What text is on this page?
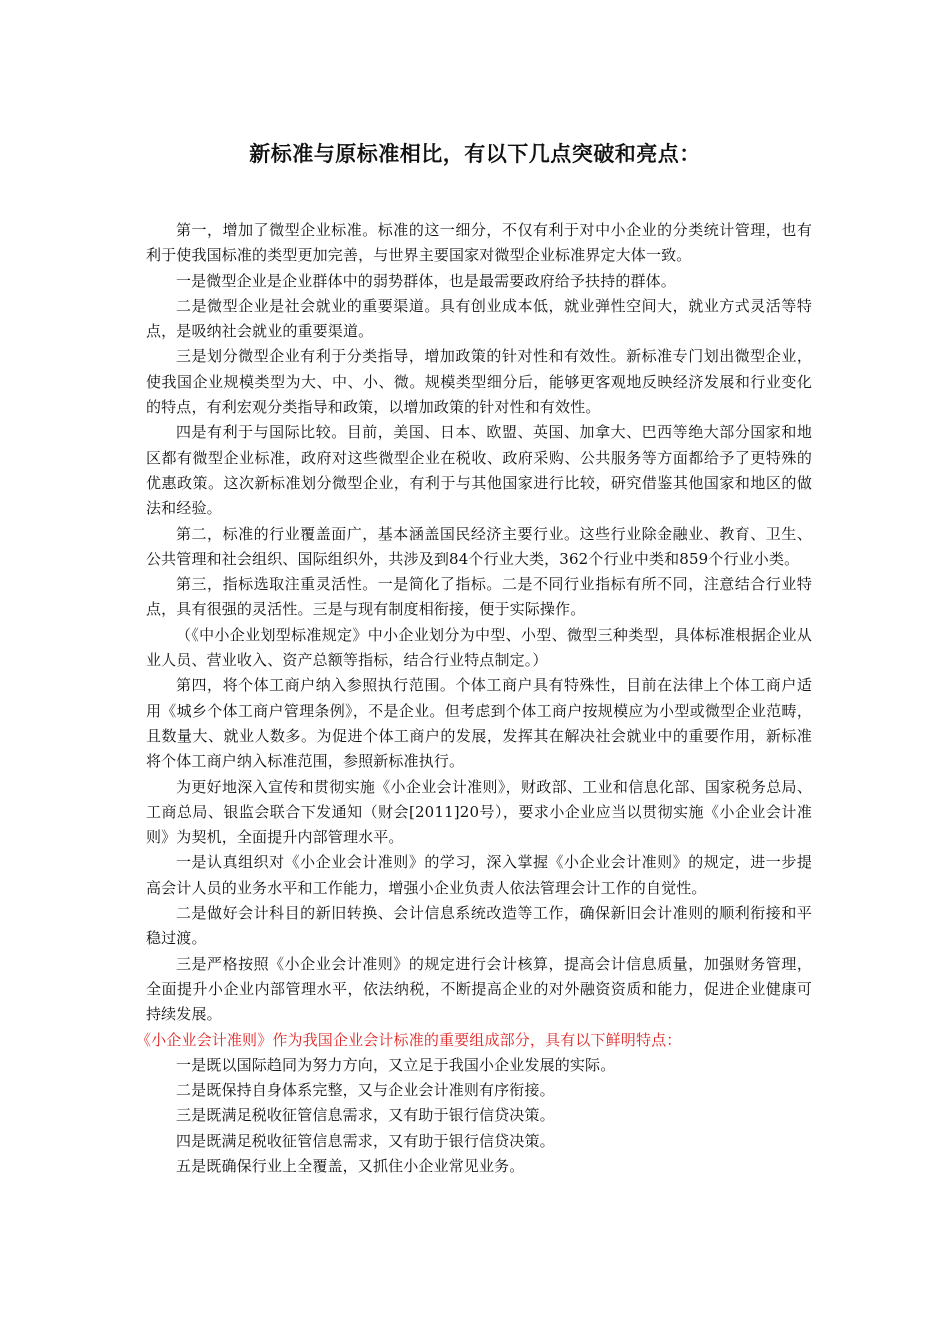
新标准与原标准相比，有以下几点突破和亮点：

第一，增加了微型企业标准。标准的这一细分，不仅有利于对中小企业的分类统计管理，也有利于使我国标准的类型更加完善，与世界主要国家对微型企业标准界定大体一致。

一是微型企业是企业群体中的弱势群体，也是最需要政府给予扶持的群体。

二是微型企业是社会就业的重要渠道。具有创业成本低，就业弹性空间大，就业方式灵活等特点，是吸纳社会就业的重要渠道。

三是划分微型企业有利于分类指导，增加政策的针对性和有效性。新标准专门划出微型企业，使我国企业规模类型为大、中、小、微。规模类型细分后，能够更客观地反映经济发展和行业变化的特点，有利宏观分类指导和政策，以增加政策的针对性和有效性。

四是有利于与国际比较。目前，美国、日本、欧盟、英国、加拿大、巴西等绝大部分国家和地区都有微型企业标准，政府对这些微型企业在税收、政府采购、公共服务等方面都给予了更特殊的优惠政策。这次新标准划分微型企业，有利于与其他国家进行比较，研究借鉴其他国家和地区的做法和经验。

第二，标准的行业覆盖面广，基本涵盖国民经济主要行业。这些行业除金融业、教育、卫生、公共管理和社会组织、国际组织外，共涉及到84个行业大类，362个行业中类和859个行业小类。

第三，指标选取注重灵活性。一是简化了指标。二是不同行业指标有所不同，注意结合行业特点，具有很强的灵活性。三是与现有制度相衔接，便于实际操作。

（《中小企业划型标准规定》中小企业划分为中型、小型、微型三种类型，具体标准根据企业从业人员、营业收入、资产总额等指标，结合行业特点制定。）

第四，将个体工商户纳入参照执行范围。个体工商户具有特殊性，目前在法律上个体工商户适用《城乡个体工商户管理条例》，不是企业。但考虑到个体工商户按规模应为小型或微型企业范畴，且数量大、就业人数多。为促进个体工商户的发展，发挥其在解决社会就业中的重要作用，新标准将个体工商户纳入标准范围，参照新标准执行。

为更好地深入宣传和贯彻实施《小企业会计准则》，财政部、工业和信息化部、国家税务总局、工商总局、银监会联合下发通知（财会[2011]20号），要求小企业应当以贯彻实施《小企业会计准则》为契机，全面提升内部管理水平。

一是认真组织对《小企业会计准则》的学习，深入掌握《小企业会计准则》的规定，进一步提高会计人员的业务水平和工作能力，增强小企业负责人依法管理会计工作的自觉性。

二是做好会计科目的新旧转换、会计信息系统改造等工作，确保新旧会计准则的顺利衔接和平稳过渡。

三是严格按照《小企业会计准则》的规定进行会计核算，提高会计信息质量，加强财务管理，全面提升小企业内部管理水平，依法纳税，不断提高企业的对外融资资质和能力，促进企业健康可持续发展。

《小企业会计准则》作为我国企业会计标准的重要组成部分，具有以下鲜明特点：

一是既以国际趋同为努力方向，又立足于我国小企业发展的实际。

二是既保持自身体系完整，又与企业会计准则有序衔接。

三是既满足税收征管信息需求，又有助于银行信贷决策。

四是既满足税收征管信息需求，又有助于银行信贷决策。

五是既确保行业上全覆盖，又抓住小企业常见业务。
